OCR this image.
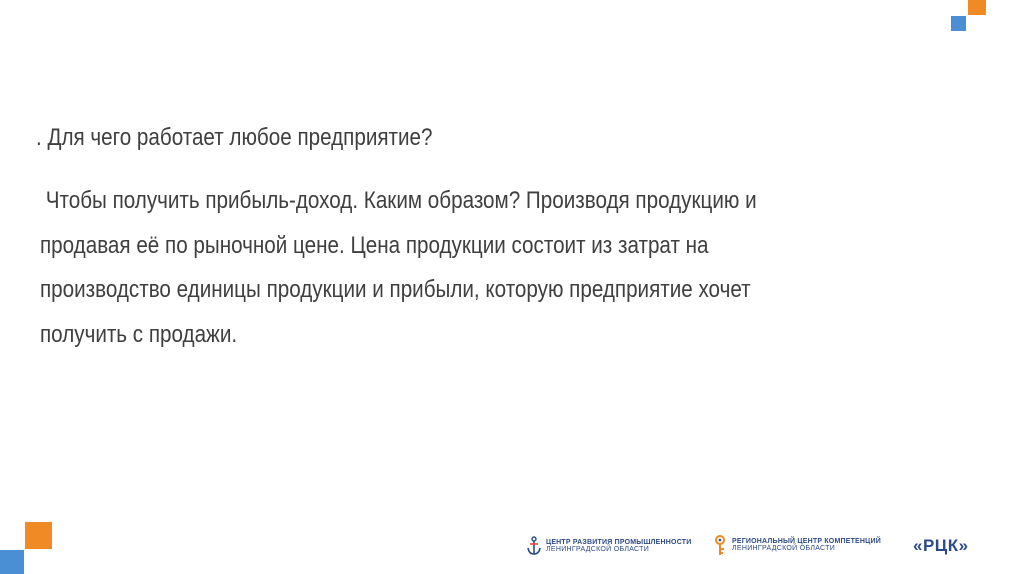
. Для чего работает любое предприятие?
Чтобы получить прибыль-доход. Каким образом? Производя продукцию и
продавая её по рыночной цене. Цена продукции состоит из затрат на
производство единицы продукции и прибыли, которую предприятие хочет
получить с продажи.
ЦЕНТР РАЗВИТИЯ ПРОМЫШЛЕННОСТИ
ЛЕНИНГРАДСКОЙ ОБЛАСТИ
РЕГИОНАЛЬНЫЙ ЦЕНТР КОМПЕТЕНЦИЙ
ЛЕНИНГРАДСКОЙ ОБЛАСТИ	«РЦК»
